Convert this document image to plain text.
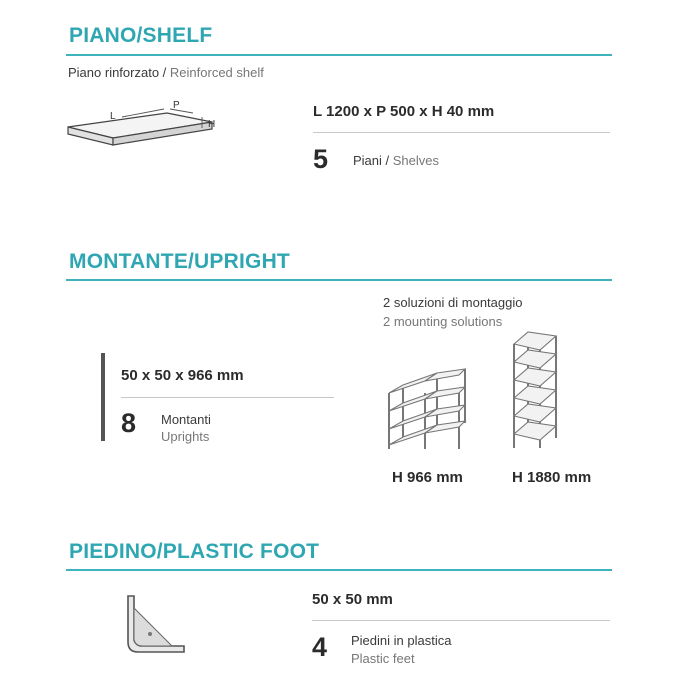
PIANO/SHELF
Piano rinforzato / Reinforced shelf
L
P
H
L 1200 x P 500 x H 40 mm
5 Piani / Shelves
MONTANTE/UPRIGHT
50 x 50 x 966 mm
8 Montanti
Uprights
2 soluzioni di montaggio
2 mounting solutions
H 966 mm	H 1880 mm
PIEDINO/PLASTIC FOOT
50 x 50 mm
4 Piedini in plastica
Plastic feet
